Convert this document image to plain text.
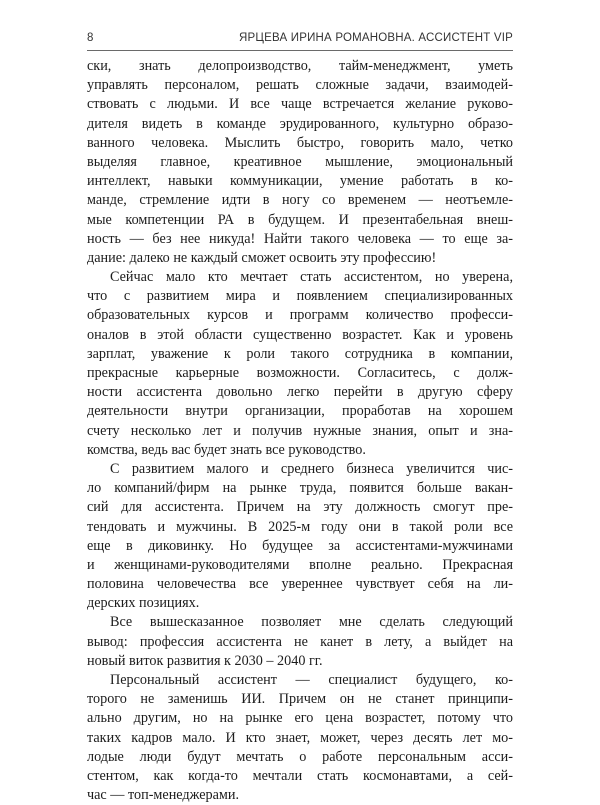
8	ЯРЦЕВА ИРИНА РОМАНОВНА. АССИСТЕНТ VIP
ски, знать делопроизводство, тайм-менеджмент, уметь
управлять персоналом, решать сложные задачи, взаимодей-
ствовать с людьми. И все чаще встречается желание руково-
дителя видеть в команде эрудированного, культурно образо-
ванного человека. Мыслить быстро, говорить мало, четко
выделяя главное, креативное мышление, эмоциональный
интеллект, навыки коммуникации, умение работать в ко-
манде, стремление идти в ногу со временем — неотъемле-
мые компетенции РА в будущем. И презентабельная внеш-
ность — без нее никуда! Найти такого человека — то еще за-
дание: далеко не каждый сможет освоить эту профессию!
Сейчас мало кто мечтает стать ассистентом, но уверена,
что с развитием мира и появлением специализированных
образовательных курсов и программ количество професси-
оналов в этой области существенно возрастет. Как и уровень
зарплат, уважение к роли такого сотрудника в компании,
прекрасные карьерные возможности. Согласитесь, с долж-
ности ассистента довольно легко перейти в другую сферу
деятельности внутри организации, проработав на хорошем
счету несколько лет и получив нужные знания, опыт и зна-
комства, ведь вас будет знать все руководство.
С развитием малого и среднего бизнеса увеличится чис-
ло компаний/фирм на рынке труда, появится больше вакан-
сий для ассистента. Причем на эту должность смогут пре-
тендовать и мужчины. В 2025-м году они в такой роли все
еще в диковинку. Но будущее за ассистентами-мужчинами
и женщинами-руководителями вполне реально. Прекрасная
половина человечества все увереннее чувствует себя на ли-
дерских позициях.
Все вышесказанное позволяет мне сделать следующий
вывод: профессия ассистента не канет в лету, а выйдет на
новый виток развития к 2030 – 2040 гг.
Персональный ассистент — специалист будущего, ко-
торого не заменишь ИИ. Причем он не станет принципи-
ально другим, но на рынке его цена возрастет, потому что
таких кадров мало. И кто знает, может, через десять лет мо-
лодые люди будут мечтать о работе персональным асси-
стентом, как когда-то мечтали стать космонавтами, а сей-
час — топ-менеджерами.
